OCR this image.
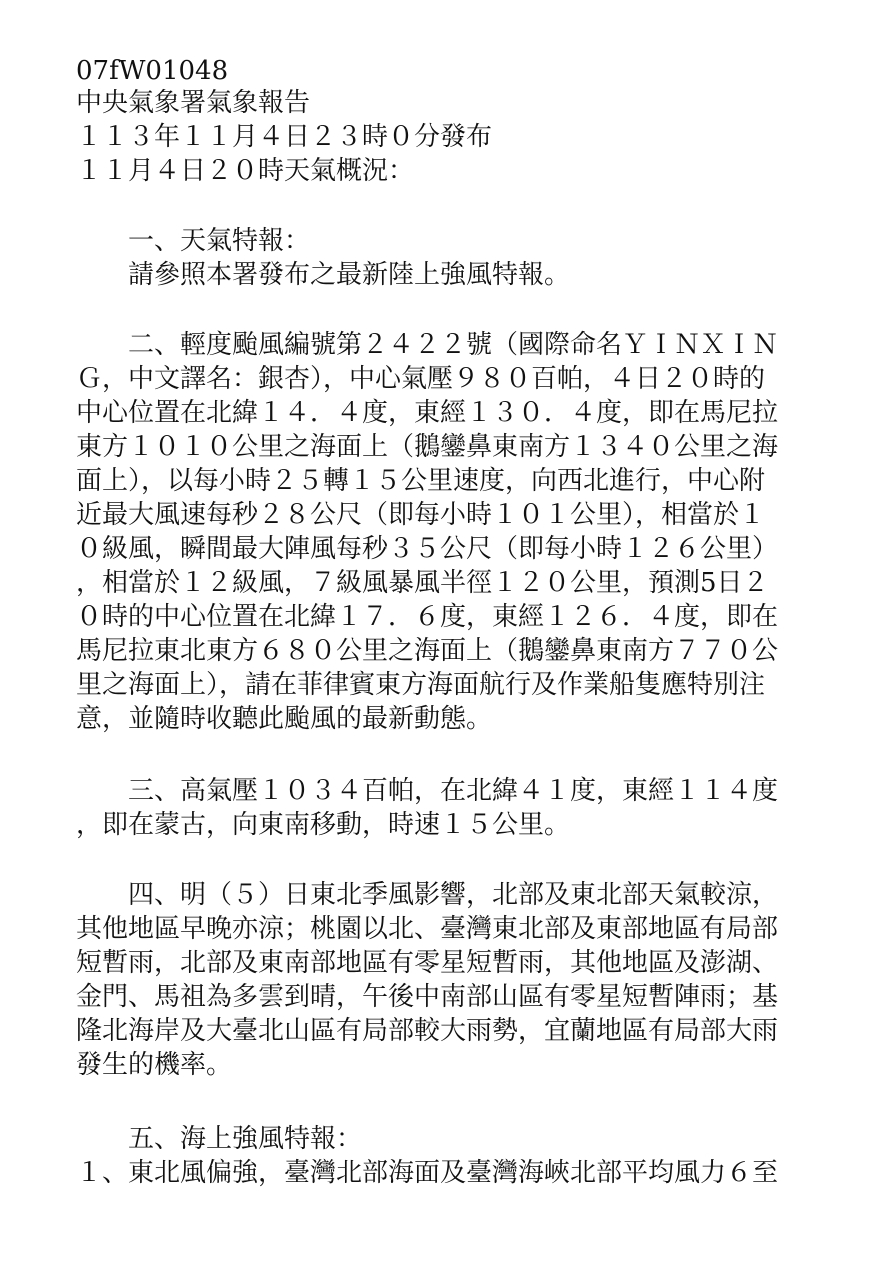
07fW01048
中央氣象署氣象報告
１１３年１１月４日２３時０分發布
１１月４日２０時天氣概況：
　　一、天氣特報：
　　請參照本署發布之最新陸上強風特報。
　　二、輕度颱風編號第２４２２號（國際命名ＹＩＮＸＩＮ
Ｇ，中文譯名：銀杏），中心氣壓９８０百帕，４日２０時的
中心位置在北緯１４．４度，東經１３０．４度，即在馬尼拉
東方１０１０公里之海面上（鵝鑾鼻東南方１３４０公里之海
面上），以每小時２５轉１５公里速度，向西北進行，中心附
近最大風速每秒２８公尺（即每小時１０１公里），相當於１
０級風，瞬間最大陣風每秒３５公尺（即每小時１２６公里）
，相當於１２級風，７級風暴風半徑１２０公里，預測5日２
０時的中心位置在北緯１７．６度，東經１２６．４度，即在
馬尼拉東北東方６８０公里之海面上（鵝鑾鼻東南方７７０公
里之海面上），請在菲律賓東方海面航行及作業船隻應特別注
意，並隨時收聽此颱風的最新動態。
　　三、高氣壓１０３４百帕，在北緯４１度，東經１１４度
，即在蒙古，向東南移動，時速１５公里。
　　四、明（５）日東北季風影響，北部及東北部天氣較涼，
其他地區早晚亦涼；桃園以北、臺灣東北部及東部地區有局部
短暫雨，北部及東南部地區有零星短暫雨，其他地區及澎湖、
金門、馬祖為多雲到晴，午後中南部山區有零星短暫陣雨；基
隆北海岸及大臺北山區有局部較大雨勢，宜蘭地區有局部大雨
發生的機率。
　　五、海上強風特報：
１、東北風偏強，臺灣北部海面及臺灣海峽北部平均風力６至
